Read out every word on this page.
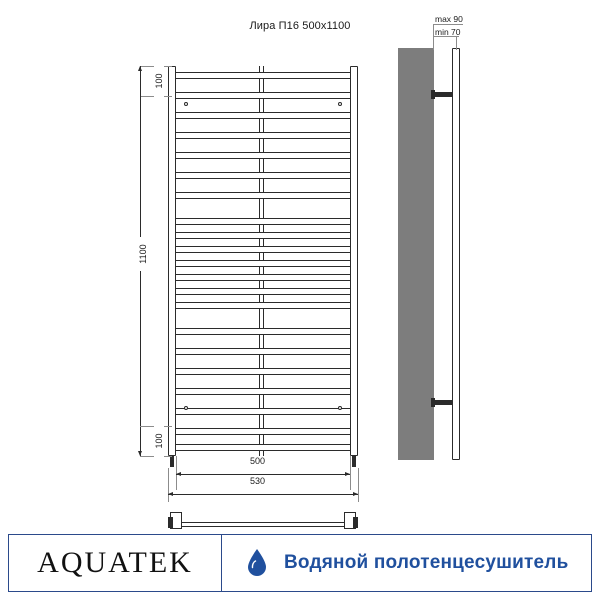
Лира П16 500x1100
100
1100
100
500
530
max 90
min 70
AQUATEK	Водяной полотенцесушитель
